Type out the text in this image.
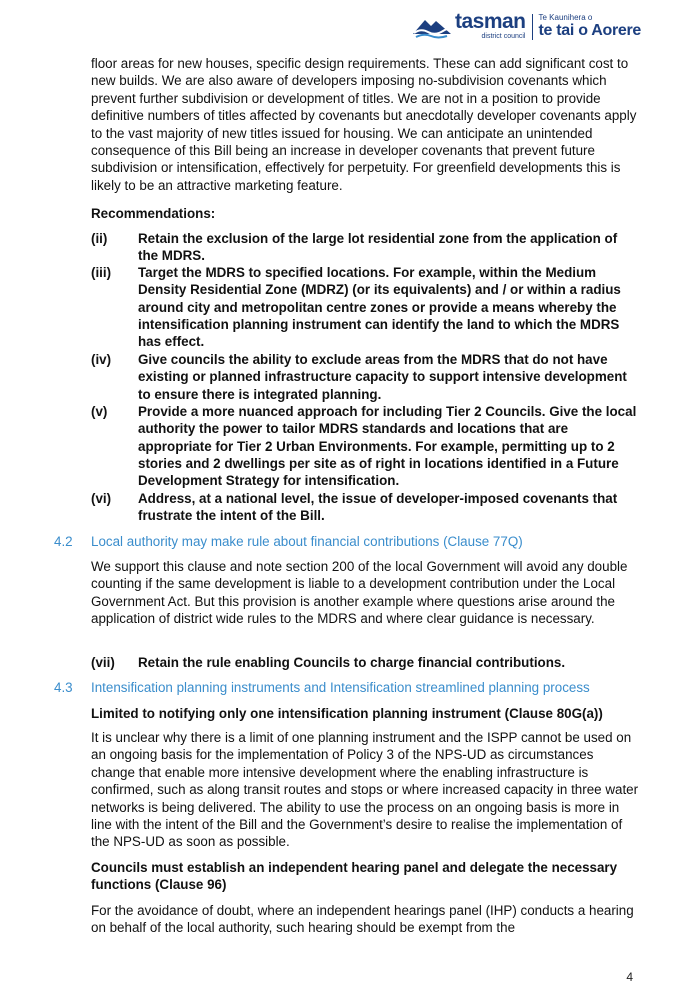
tasman
district council
Te Kaunihera o
te tai o Aorere

floor areas for new houses, specific design requirements. These can add significant cost to new builds. We are also aware of developers imposing no-subdivision covenants which prevent further subdivision or development of titles. We are not in a position to provide definitive numbers of titles affected by covenants but anecdotally developer covenants apply to the vast majority of new titles issued for housing. We can anticipate an unintended consequence of this Bill being an increase in developer covenants that prevent future subdivision or intensification, effectively for perpetuity. For greenfield developments this is likely to be an attractive marketing feature.

Recommendations:

(ii)	Retain the exclusion of the large lot residential zone from the application of the MDRS.
(iii)	Target the MDRS to specified locations. For example, within the Medium Density Residential Zone (MDRZ) (or its equivalents) and / or within a radius around city and metropolitan centre zones or provide a means whereby the intensification planning instrument can identify the land to which the MDRS has effect.
(iv)	Give councils the ability to exclude areas from the MDRS that do not have existing or planned infrastructure capacity to support intensive development to ensure there is integrated planning.
(v)	Provide a more nuanced approach for including Tier 2 Councils. Give the local authority the power to tailor MDRS standards and locations that are appropriate for Tier 2 Urban Environments. For example, permitting up to 2 stories and 2 dwellings per site as of right in locations identified in a Future Development Strategy for intensification.
(vi)	Address, at a national level, the issue of developer-imposed covenants that frustrate the intent of the Bill.
4.2 Local authority may make rule about financial contributions (Clause 77Q)

We support this clause and note section 200 of the local Government will avoid any double counting if the same development is liable to a development contribution under the Local Government Act. But this provision is another example where questions arise around the application of district wide rules to the MDRS and where clear guidance is necessary.

(vii)	Retain the rule enabling Councils to charge financial contributions.
4.3 Intensification planning instruments and Intensification streamlined planning process

Limited to notifying only one intensification planning instrument (Clause 80G(a))

It is unclear why there is a limit of one planning instrument and the ISPP cannot be used on an ongoing basis for the implementation of Policy 3 of the NPS-UD as circumstances change that enable more intensive development where the enabling infrastructure is confirmed, such as along transit routes and stops or where increased capacity in three water networks is being delivered. The ability to use the process on an ongoing basis is more in line with the intent of the Bill and the Government’s desire to realise the implementation of the NPS-UD as soon as possible.

Councils must establish an independent hearing panel and delegate the necessary functions (Clause 96)

For the avoidance of doubt, where an independent hearings panel (IHP) conducts a hearing on behalf of the local authority, such hearing should be exempt from the

4
